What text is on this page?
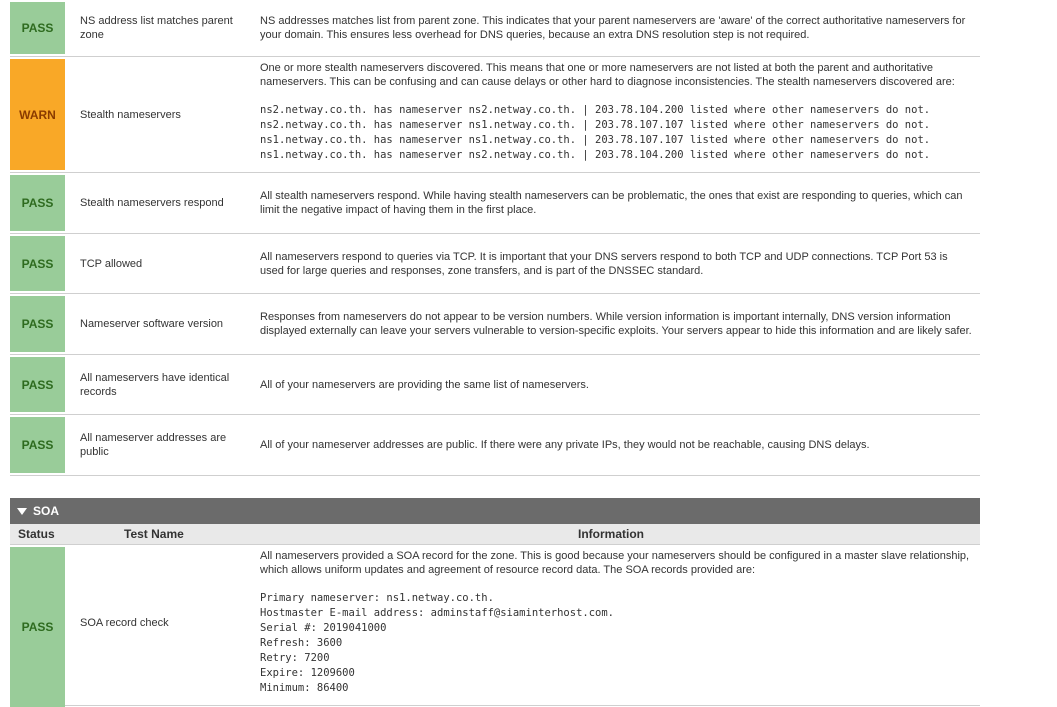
PASS	NS address list matches parent zone
NS addresses matches list from parent zone. This indicates that your parent nameservers are 'aware' of the correct authoritative nameservers for your domain. This ensures less overhead for DNS queries, because an extra DNS resolution step is not required.
WARN	Stealth nameservers
One or more stealth nameservers discovered. This means that one or more nameservers are not listed at both the parent and authoritative nameservers. This can be confusing and can cause delays or other hard to diagnose inconsistencies. The stealth nameservers discovered are:
ns2.netway.co.th. has nameserver ns2.netway.co.th. | 203.78.104.200 listed where other nameservers do not.
ns2.netway.co.th. has nameserver ns1.netway.co.th. | 203.78.107.107 listed where other nameservers do not.
ns1.netway.co.th. has nameserver ns1.netway.co.th. | 203.78.107.107 listed where other nameservers do not.
ns1.netway.co.th. has nameserver ns2.netway.co.th. | 203.78.104.200 listed where other nameservers do not.
PASS	Stealth nameservers respond
All stealth nameservers respond. While having stealth nameservers can be problematic, the ones that exist are responding to queries, which can limit the negative impact of having them in the first place.
PASS	TCP allowed
All nameservers respond to queries via TCP. It is important that your DNS servers respond to both TCP and UDP connections. TCP Port 53 is used for large queries and responses, zone transfers, and is part of the DNSSEC standard.
PASS	Nameserver software version
Responses from nameservers do not appear to be version numbers. While version information is important internally, DNS version information displayed externally can leave your servers vulnerable to version-specific exploits. Your servers appear to hide this information and are likely safer.
PASS	All nameservers have identical records
All of your nameservers are providing the same list of nameservers.
PASS	All nameserver addresses are public
All of your nameserver addresses are public. If there were any private IPs, they would not be reachable, causing DNS delays.
SOA
Status	Test Name	Information
PASS	SOA record check
All nameservers provided a SOA record for the zone. This is good because your nameservers should be configured in a master slave relationship, which allows uniform updates and agreement of resource record data. The SOA records provided are:
Primary nameserver: ns1.netway.co.th.
Hostmaster E-mail address: adminstaff@siaminterhost.com.
Serial #: 2019041000
Refresh: 3600
Retry: 7200
Expire: 1209600
Minimum: 86400
